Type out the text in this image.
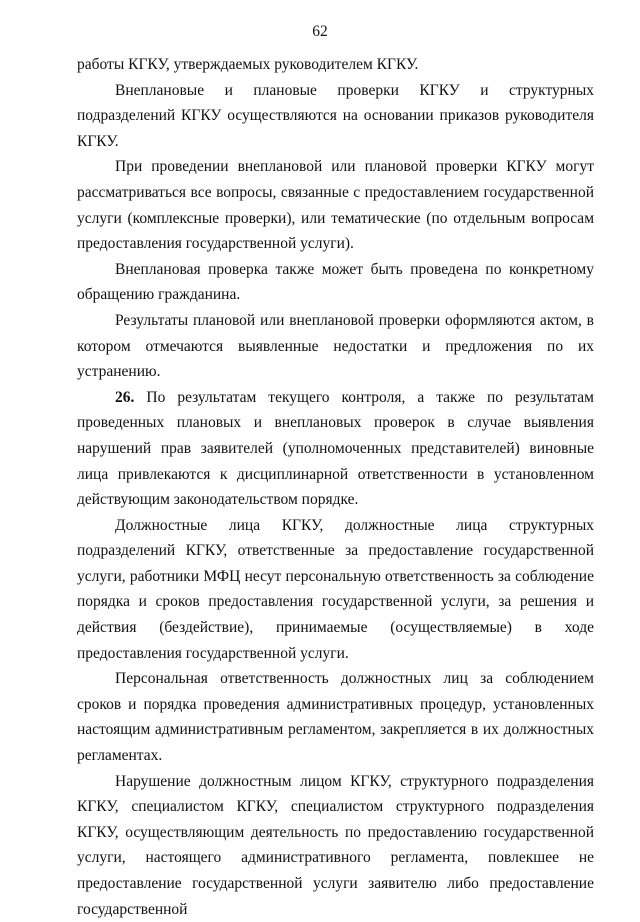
62

работы КГКУ, утверждаемых руководителем КГКУ.

Внеплановые и плановые проверки КГКУ и структурных подразделений КГКУ осуществляются на основании приказов руководителя КГКУ.

При проведении внеплановой или плановой проверки КГКУ могут рассматриваться все вопросы, связанные с предоставлением государственной услуги (комплексные проверки), или тематические (по отдельным вопросам предоставления государственной услуги).

Внеплановая проверка также может быть проведена по конкретному обращению гражданина.

Результаты плановой или внеплановой проверки оформляются актом, в котором отмечаются выявленные недостатки и предложения по их устранению.

26. По результатам текущего контроля, а также по результатам проведенных плановых и внеплановых проверок в случае выявления нарушений прав заявителей (уполномоченных представителей) виновные лица привлекаются к дисциплинарной ответственности в установленном действующим законодательством порядке.

Должностные лица КГКУ, должностные лица структурных подразделений КГКУ, ответственные за предоставление государственной услуги, работники МФЦ несут персональную ответственность за соблюдение порядка и сроков предоставления государственной услуги, за решения и действия (бездействие), принимаемые (осуществляемые) в ходе предоставления государственной услуги.

Персональная ответственность должностных лиц за соблюдением сроков и порядка проведения административных процедур, установленных настоящим административным регламентом, закрепляется в их должностных регламентах.

Нарушение должностным лицом КГКУ, структурного подразделения КГКУ, специалистом КГКУ, специалистом структурного подразделения КГКУ, осуществляющим деятельность по предоставлению государственной услуги, настоящего административного регламента, повлекшее не предоставление государственной услуги заявителю либо предоставление государственной
